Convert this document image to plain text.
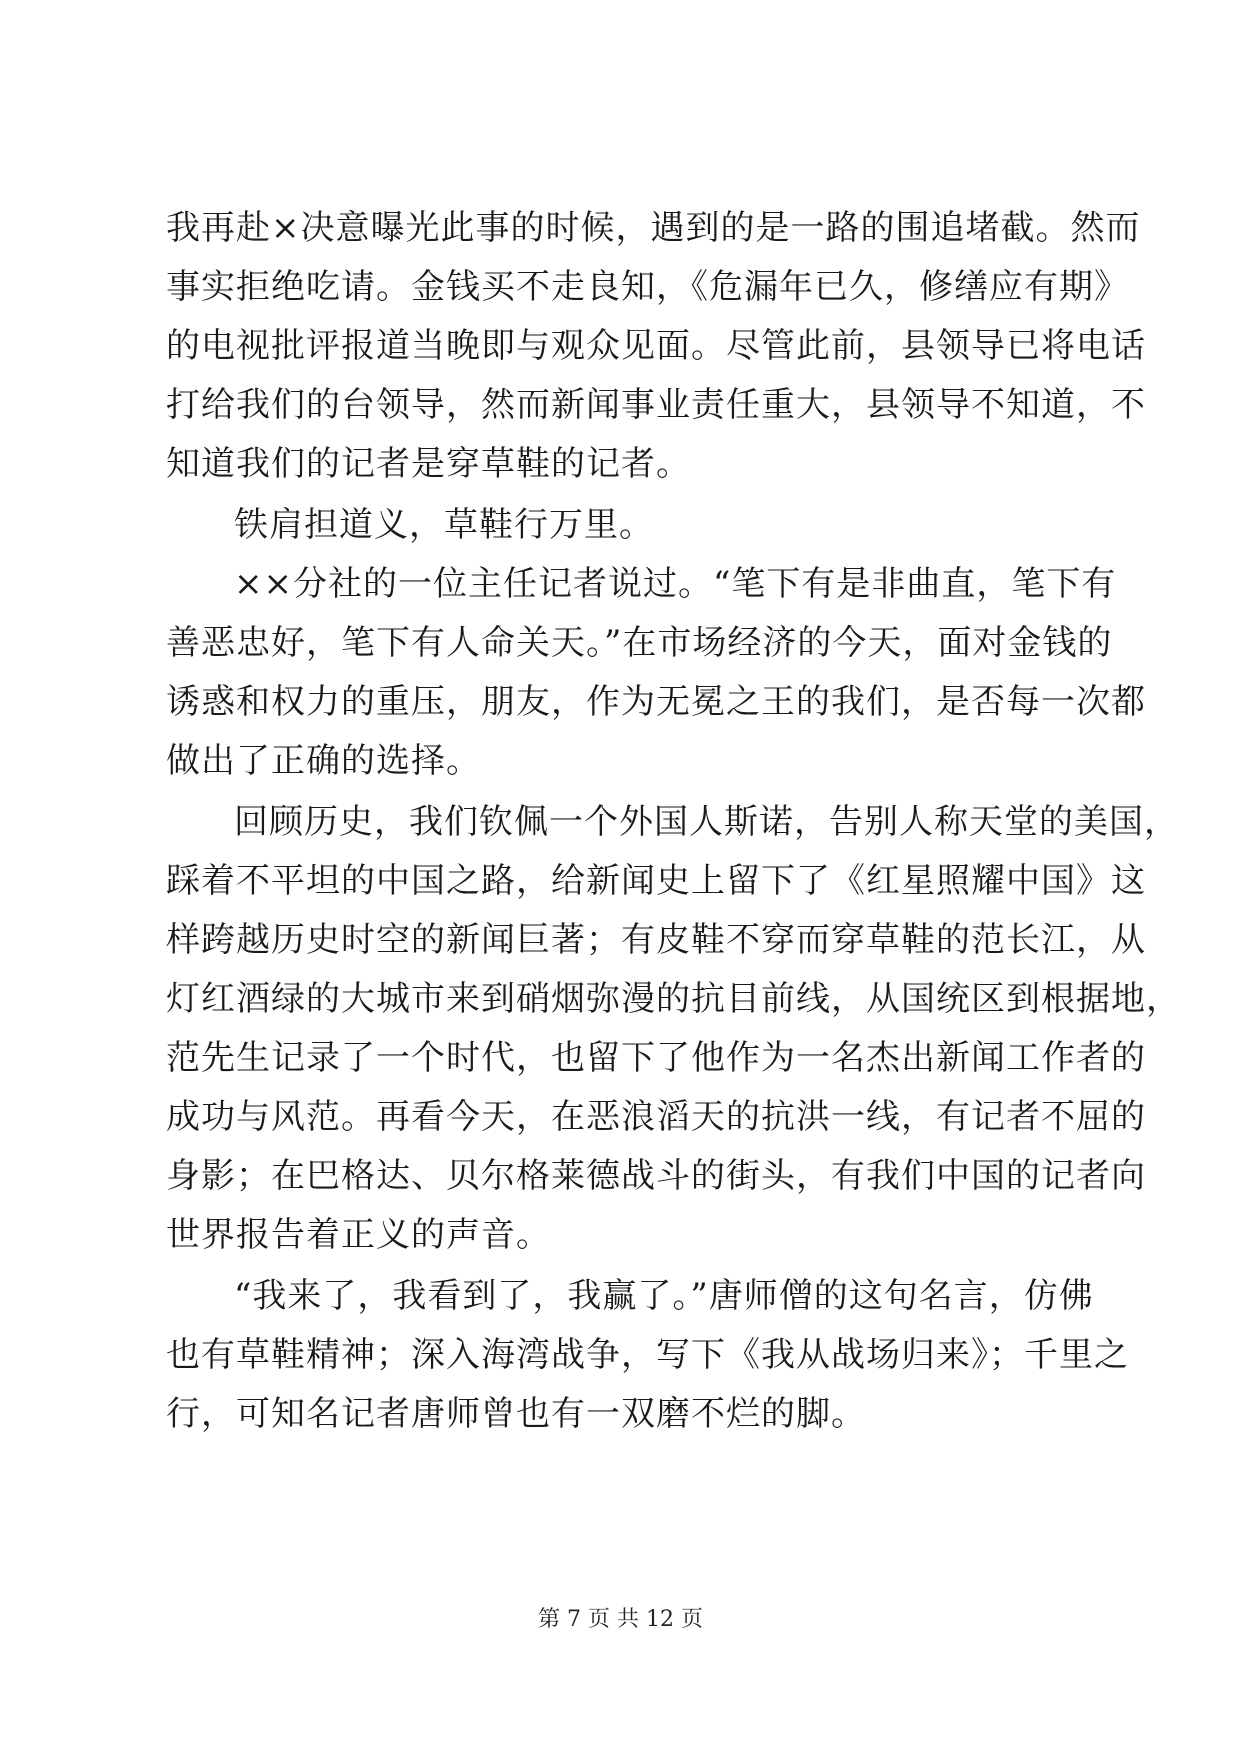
我再赴×决意曝光此事的时候，遇到的是一路的围追堵截。然而
事实拒绝吃请。金钱买不走良知，《危漏年已久，修缮应有期》
的电视批评报道当晚即与观众见面。尽管此前，县领导已将电话
打给我们的台领导，然而新闻事业责任重大，县领导不知道，不
知道我们的记者是穿草鞋的记者。
铁肩担道义，草鞋行万里。
××分社的一位主任记者说过。“笔下有是非曲直，笔下有
善恶忠好，笔下有人命关天。”在市场经济的今天，面对金钱的
诱惑和权力的重压，朋友，作为无冕之王的我们，是否每一次都
做出了正确的选择。
回顾历史，我们钦佩一个外国人斯诺，告别人称天堂的美国，
踩着不平坦的中国之路，给新闻史上留下了《红星照耀中国》这
样跨越历史时空的新闻巨著；有皮鞋不穿而穿草鞋的范长江，从
灯红酒绿的大城市来到硝烟弥漫的抗目前线，从国统区到根据地，
范先生记录了一个时代，也留下了他作为一名杰出新闻工作者的
成功与风范。再看今天，在恶浪滔天的抗洪一线，有记者不屈的
身影；在巴格达、贝尔格莱德战斗的街头，有我们中国的记者向
世界报告着正义的声音。
“我来了，我看到了，我赢了。”唐师僧的这句名言，仿佛
也有草鞋精神；深入海湾战争，写下《我从战场归来》；千里之
行，可知名记者唐师曾也有一双磨不烂的脚。
第 7 页 共 12 页
